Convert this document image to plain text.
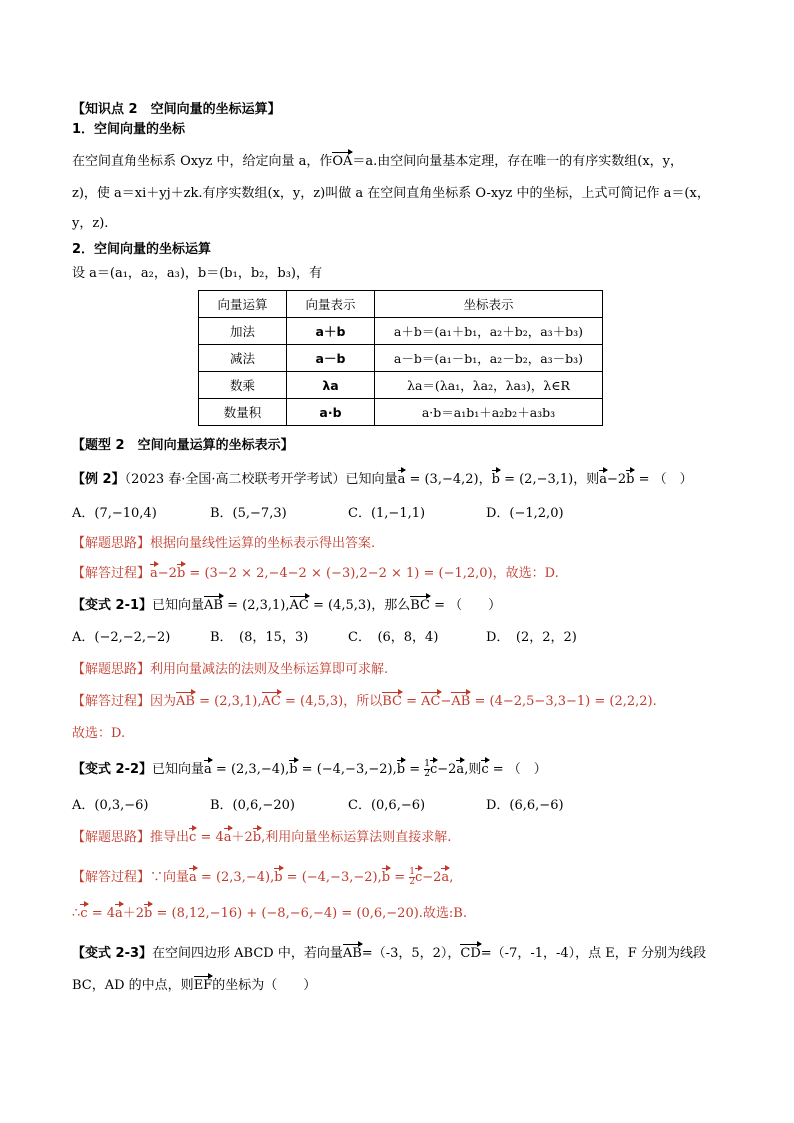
【知识点 2　空间向量的坐标运算】
1．空间向量的坐标
在空间直角坐标系 Oxyz 中，给定向量 a，作OA＝a.由空间向量基本定理，存在唯一的有序实数组(x，y，
z)，使 a＝xi＋yj＋zk.有序实数组(x，y，z)叫做 a 在空间直角坐标系 O-xyz 中的坐标，上式可简记作 a＝(x，
y，z).
2．空间向量的坐标运算
设 a＝(a₁，a₂，a₃)，b＝(b₁，b₂，b₃)，有
向量运算	向量表示	坐标表示
加法	a＋b	a＋b＝(a₁＋b₁，a₂＋b₂，a₃＋b₃)
减法	a－b	a－b＝(a₁－b₁，a₂－b₂，a₃－b₃)
数乘	λa	λa＝(λa₁，λa₂，λa₃)，λ∈R
数量积	a·b	a·b＝a₁b₁＋a₂b₂＋a₃b₃
【题型 2　空间向量运算的坐标表示】
【例 2】（2023 春·全国·高二校联考开学考试）已知向量a = (3,−4,2)，b = (2,−3,1)，则a−2b = （　）
A．(7,−10,4)	B．(5,−7,3)	C．(1,−1,1)	D．(−1,2,0)
【解题思路】根据向量线性运算的坐标表示得出答案.
【解答过程】a−2b = (3−2 × 2,−4−2 × (−3),2−2 × 1) = (−1,2,0)，故选：D.
【变式 2-1】已知向量AB = (2,3,1),AC = (4,5,3)，那么BC = （　　）
A．(−2,−2,−2)	B．　(8，15，3)	C．　(6，8，4)	D．　(2，2，2)
【解题思路】利用向量减法的法则及坐标运算即可求解.
【解答过程】因为AB = (2,3,1),AC = (4,5,3)，所以BC = AC−AB = (4−2,5−3,3−1) = (2,2,2).
故选：D.
【变式 2-2】已知向量$a = (2,3,-4),b = (-4,-3,-2),b = \frac{1}{2} c-2a$,则c = （　）
A．(0,3,−6)	B．(0,6,−20)	C．(0,6,−6)	D．(6,6,−6)
【解题思路】推导出c = 4a＋2b,利用向量坐标运算法则直接求解.
【解答过程】∵向量$a = (2,3,-4),b = (-4,-3,-2),b = \frac{1}{2} c-2a$,
∴c = 4a＋2b = (8,12,−16) + (−8,−6,−4) = (0,6,−20).故选:B.
【变式 2-3】在空间四边形 ABCD 中，若向量AB=（-3，5，2），CD=（-7，-1，-4），点 E，F 分别为线段
BC，AD 的中点，则EF的坐标为（　　）
